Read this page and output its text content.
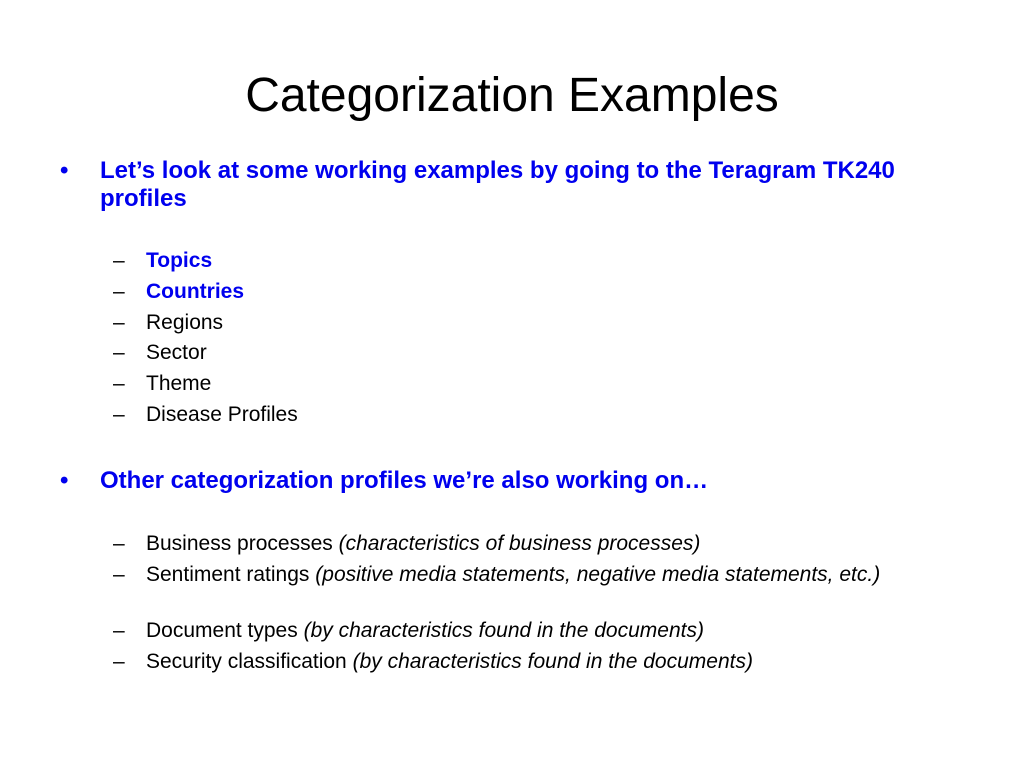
Categorization Examples
•	Let’s look at some working examples by going to the Teragram TK240 profiles
–	Topics
–	Countries
–	Regions
–	Sector
–	Theme
–	Disease Profiles
•	Other categorization profiles we’re also working on…
–	Business processes (characteristics of business processes)
–	Sentiment ratings (positive media statements, negative media statements, etc.)
–	Document types (by characteristics found in the documents)
–	Security classification (by characteristics found in the documents)
